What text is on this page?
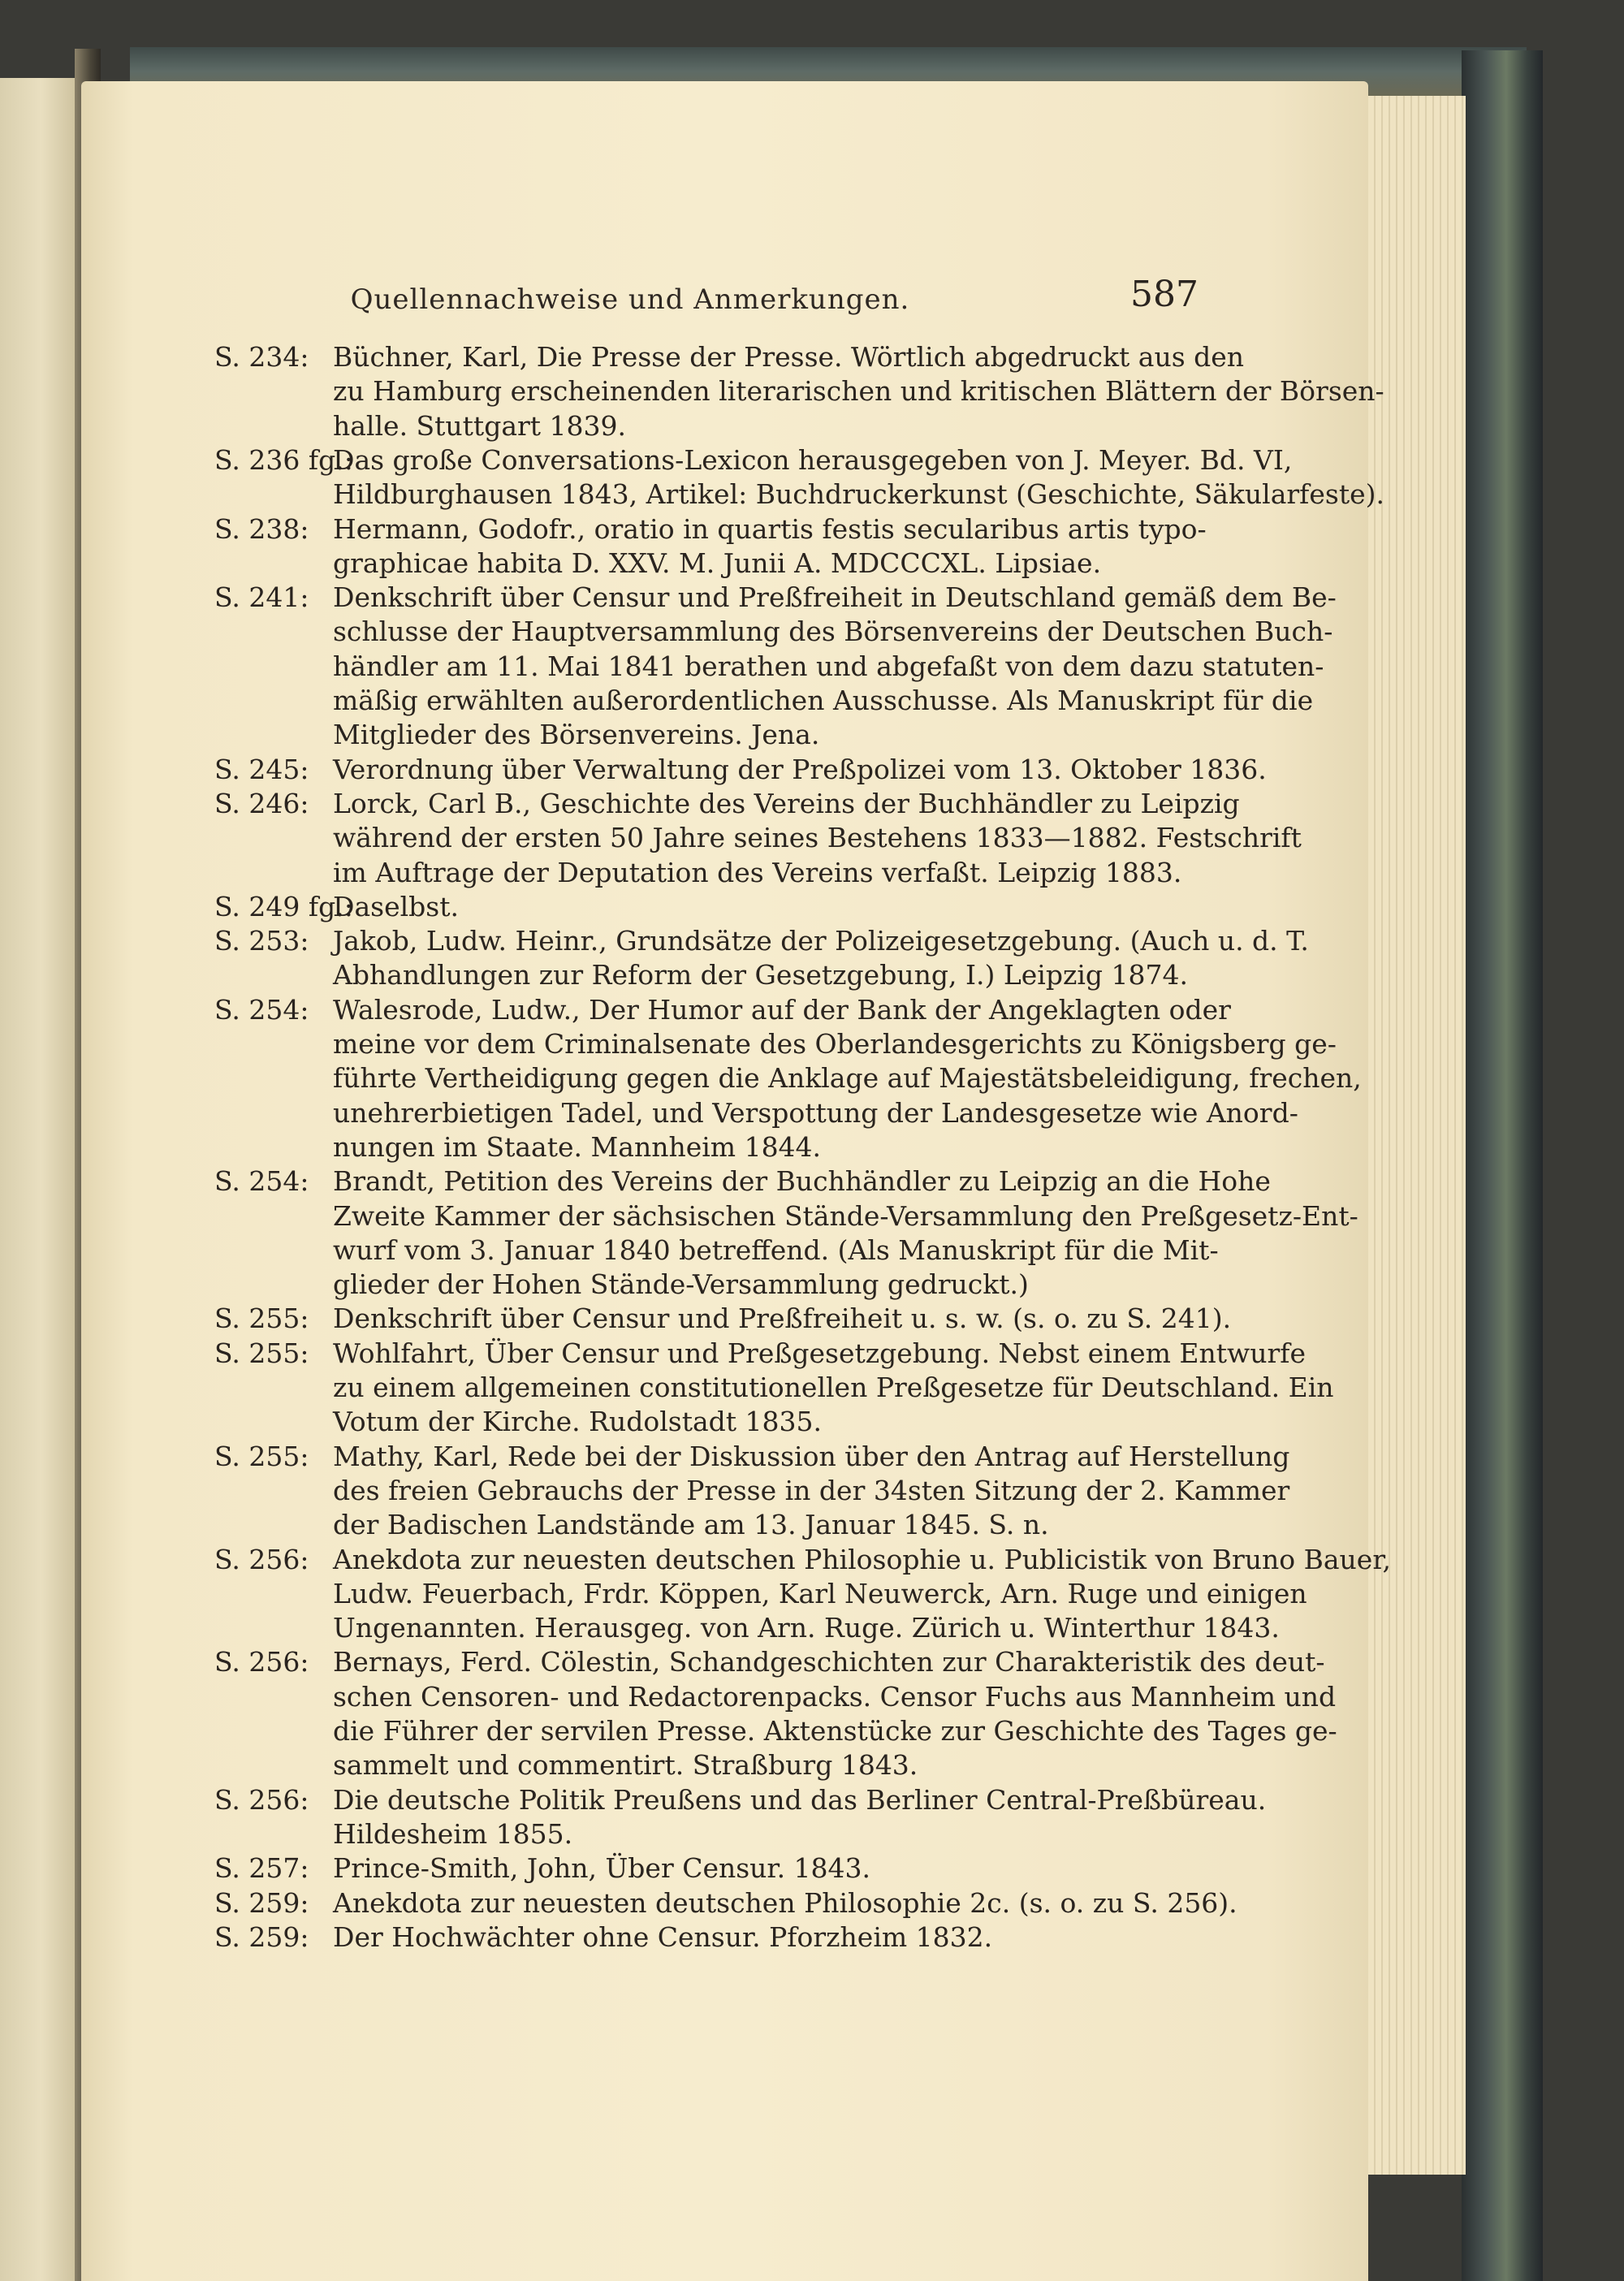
Quellennachweise und Anmerkungen.	587
S. 234: Büchner, Karl, Die Presse der Presse. Wörtlich abgedruckt aus den
zu Hamburg erscheinenden literarischen und kritischen Blättern der Börsen-
halle. Stuttgart 1839.
S. 236 fg.:
Das große Conversations-Lexicon herausgegeben von J. Meyer. Bd. VI,
Hildburghausen 1843, Artikel: Buchdruckerkunst (Geschichte, Säkularfeste).
S. 238: Hermann, Godofr., oratio in quartis festis secularibus artis typo-
graphicae habita D. XXV. M. Junii A. MDCCCXL. Lipsiae.
S. 241: Denkschrift über Censur und Preßfreiheit in Deutschland gemäß dem Be-
schlusse der Hauptversammlung des Börsenvereins der Deutschen Buch-
händler am 11. Mai 1841 berathen und abgefaßt von dem dazu statuten-
mäßig erwählten außerordentlichen Ausschusse. Als Manuskript für die
Mitglieder des Börsenvereins. Jena.
S. 245: Verordnung über Verwaltung der Preßpolizei vom 13. Oktober 1836.
S. 246: Lorck, Carl B., Geschichte des Vereins der Buchhändler zu Leipzig
während der ersten 50 Jahre seines Bestehens 1833—1882. Festschrift
im Auftrage der Deputation des Vereins verfaßt. Leipzig 1883.
S. 249 fg.:
Daselbst.
S. 253: Jakob, Ludw. Heinr., Grundsätze der Polizeigesetzgebung. (Auch u. d. T.
Abhandlungen zur Reform der Gesetzgebung, I.) Leipzig 1874.
S. 254: Walesrode, Ludw., Der Humor auf der Bank der Angeklagten oder
meine vor dem Criminalsenate des Oberlandesgerichts zu Königsberg ge-
führte Vertheidigung gegen die Anklage auf Majestätsbeleidigung, frechen,
unehrerbietigen Tadel, und Verspottung der Landesgesetze wie Anord-
nungen im Staate. Mannheim 1844.
S. 254: Brandt, Petition des Vereins der Buchhändler zu Leipzig an die Hohe
Zweite Kammer der sächsischen Stände-Versammlung den Preßgesetz-Ent-
wurf vom 3. Januar 1840 betreffend. (Als Manuskript für die Mit-
glieder der Hohen Stände-Versammlung gedruckt.)
S. 255: Denkschrift über Censur und Preßfreiheit u. s. w. (s. o. zu S. 241).
S. 255: Wohlfahrt, Über Censur und Preßgesetzgebung. Nebst einem Entwurfe
zu einem allgemeinen constitutionellen Preßgesetze für Deutschland. Ein
Votum der Kirche. Rudolstadt 1835.
S. 255: Mathy, Karl, Rede bei der Diskussion über den Antrag auf Herstellung
des freien Gebrauchs der Presse in der 34sten Sitzung der 2. Kammer
der Badischen Landstände am 13. Januar 1845. S. n.
S. 256: Anekdota zur neuesten deutschen Philosophie u. Publicistik von Bruno Bauer,
Ludw. Feuerbach, Frdr. Köppen, Karl Neuwerck, Arn. Ruge und einigen
Ungenannten. Herausgeg. von Arn. Ruge. Zürich u. Winterthur 1843.
S. 256: Bernays, Ferd. Cölestin, Schandgeschichten zur Charakteristik des deut-
schen Censoren- und Redactorenpacks. Censor Fuchs aus Mannheim und
die Führer der servilen Presse. Aktenstücke zur Geschichte des Tages ge-
sammelt und commentirt. Straßburg 1843.
S. 256: Die deutsche Politik Preußens und das Berliner Central-Preßbüreau.
Hildesheim 1855.
S. 257: Prince-Smith, John, Über Censur. 1843.
S. 259: Anekdota zur neuesten deutschen Philosophie 2c. (s. o. zu S. 256).
S. 259: Der Hochwächter ohne Censur. Pforzheim 1832.
